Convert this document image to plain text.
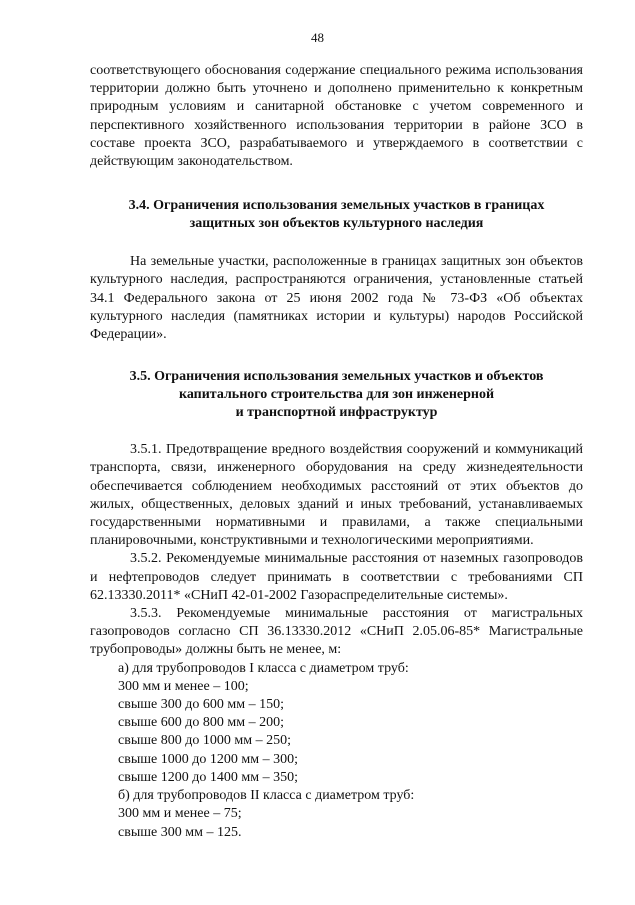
48

соответствующего обоснования содержание специального режима использования территории должно быть уточнено и дополнено применительно к конкретным природным условиям и санитарной обстановке с учетом современного и перспективного хозяйственного использования территории в районе ЗСО в составе проекта ЗСО, разрабатываемого и утверждаемого в соответствии с действующим законодательством.

3.4. Ограничения использования земельных участков в границах
защитных зон объектов культурного наследия

На земельные участки, расположенные в границах защитных зон объектов культурного наследия, распространяются ограничения, установленные статьей 34.1 Федерального закона от 25 июня 2002 года № 73-ФЗ «Об объектах культурного наследия (памятниках истории и культуры) народов Российской Федерации».

3.5. Ограничения использования земельных участков и объектов
капитального строительства для зон инженерной
и транспортной инфраструктур

3.5.1. Предотвращение вредного воздействия сооружений и коммуникаций транспорта, связи, инженерного оборудования на среду жизнедеятельности обеспечивается соблюдением необходимых расстояний от этих объектов до жилых, общественных, деловых зданий и иных требований, устанавливаемых государственными нормативными и правилами, а также специальными планировочными, конструктивными и технологическими мероприятиями.

3.5.2. Рекомендуемые минимальные расстояния от наземных газопроводов и нефтепроводов следует принимать в соответствии с требованиями СП 62.13330.2011* «СНиП 42-01-2002 Газораспределительные системы».

3.5.3. Рекомендуемые минимальные расстояния от магистральных газопроводов согласно СП 36.13330.2012 «СНиП 2.05.06-85* Магистральные трубопроводы» должны быть не менее, м:

а) для трубопроводов I класса с диаметром труб:
300 мм и менее – 100;
свыше 300 до 600 мм – 150;
свыше 600 до 800 мм – 200;
свыше 800 до 1000 мм – 250;
свыше 1000 до 1200 мм – 300;
свыше 1200 до 1400 мм – 350;
б) для трубопроводов II класса с диаметром труб:
300 мм и менее – 75;
свыше 300 мм – 125.
